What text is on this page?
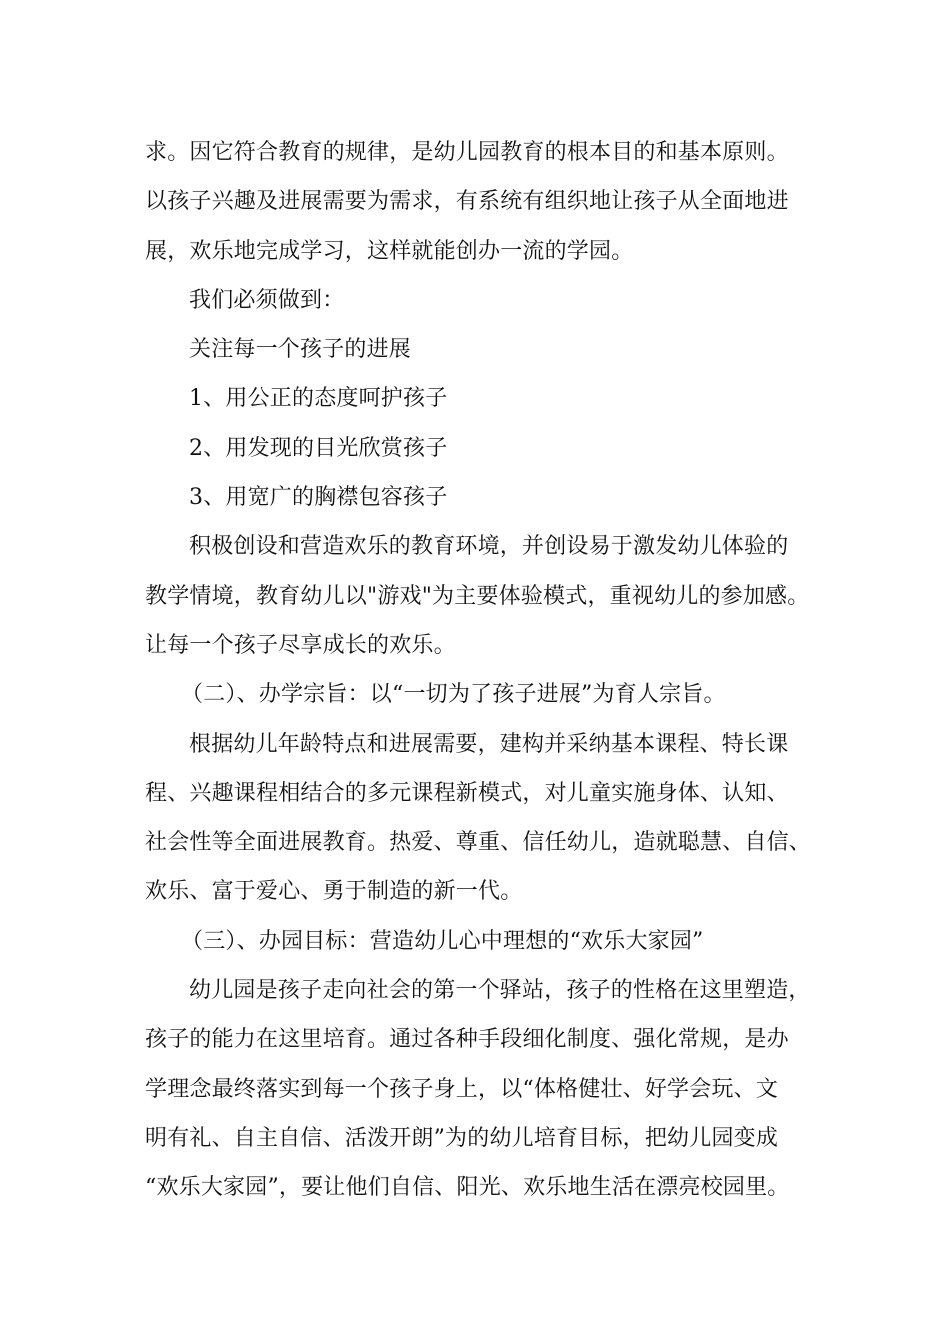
求。因它符合教育的规律，是幼儿园教育的根本目的和基本原则。
以孩子兴趣及进展需要为需求，有系统有组织地让孩子从全面地进
展，欢乐地完成学习，这样就能创办一流的学园。
我们必须做到：
关注每一个孩子的进展
1、用公正的态度呵护孩子
2、用发现的目光欣赏孩子
3、用宽广的胸襟包容孩子
积极创设和营造欢乐的教育环境，并创设易于激发幼儿体验的
教学情境，教育幼儿以"游戏"为主要体验模式，重视幼儿的参加感。
让每一个孩子尽享成长的欢乐。
（二）、办学宗旨：以“一切为了孩子进展”为育人宗旨。
根据幼儿年龄特点和进展需要，建构并采纳基本课程、特长课
程、兴趣课程相结合的多元课程新模式，对儿童实施身体、认知、
社会性等全面进展教育。热爱、尊重、信任幼儿，造就聪慧、自信、
欢乐、富于爱心、勇于制造的新一代。
（三）、办园目标：营造幼儿心中理想的“欢乐大家园”
幼儿园是孩子走向社会的第一个驿站，孩子的性格在这里塑造，
孩子的能力在这里培育。通过各种手段细化制度、强化常规，是办
学理念最终落实到每一个孩子身上，以“体格健壮、好学会玩、文
明有礼、自主自信、活泼开朗”为的幼儿培育目标，把幼儿园变成
“欢乐大家园”，要让他们自信、阳光、欢乐地生活在漂亮校园里。
